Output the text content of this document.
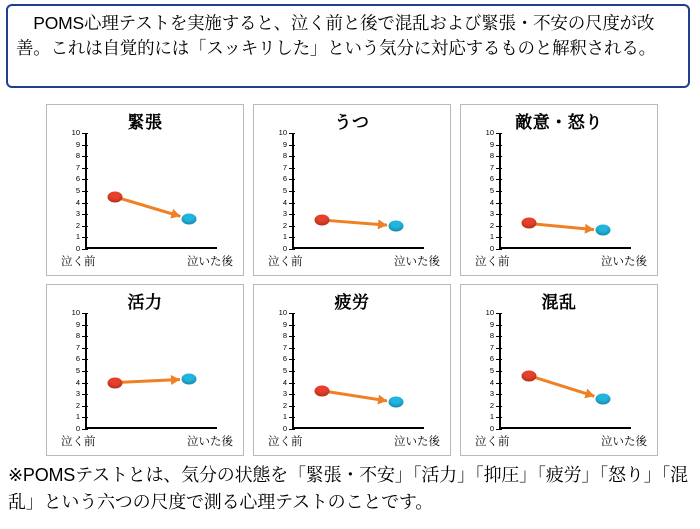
　POMS心理テストを実施すると、泣く前と後で混乱および緊張・不安の尺度が改善。これは自覚的には「スッキリした」という気分に対応するものと解釈される。
緊張
10
9
8
7
6
5
4
3
2
1
0
泣く前	泣いた後
うつ
10
9
8
7
6
5
4
3
2
1
0
泣く前	泣いた後
敵意・怒り
10
9
8
7
6
5
4
3
2
1
0
泣く前	泣いた後
活力
10
9
8
7
6
5
4
3
2
1
0
泣く前	泣いた後
疲労
10
9
8
7
6
5
4
3
2
1
0
泣く前	泣いた後
混乱
10
9
8
7
6
5
4
3
2
1
0
泣く前	泣いた後
※POMSテストとは、気分の状態を「緊張・不安」「活力」「抑圧」「疲労」「怒り」「混乱」という六つの尺度で測る心理テストのことです。
